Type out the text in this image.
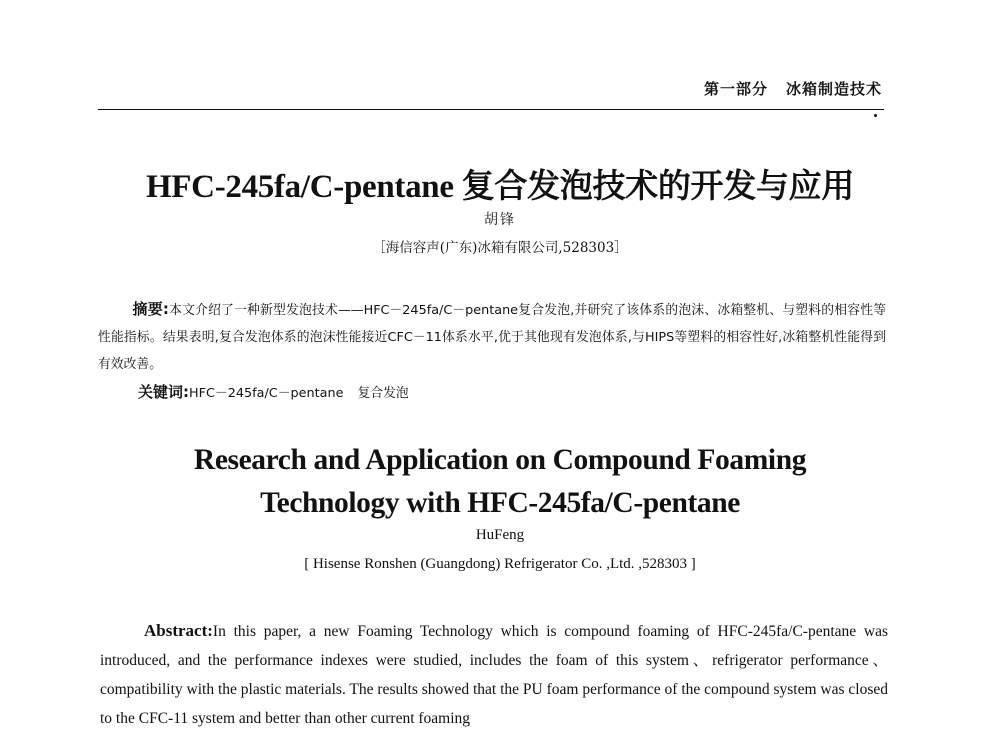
第一部分 冰箱制造技术
HFC-245fa/C-pentane 复合发泡技术的开发与应用
胡锋
［海信容声(广东)冰箱有限公司,528303］
摘要:本文介绍了一种新型发泡技术——HFC－245fa/C－pentane复合发泡,并研究了该体系的泡沫、冰箱整机、与塑料的相容性等性能指标。结果表明,复合发泡体系的泡沫性能接近CFC－11体系水平,优于其他现有发泡体系,与HIPS等塑料的相容性好,冰箱整机性能得到有效改善。
关键词:HFC－245fa/C－pentane 复合发泡
Research and Application on Compound Foaming
Technology with HFC-245fa/C-pentane
HuFeng
[ Hisense Ronshen (Guangdong) Refrigerator Co. ,Ltd. ,528303 ]
Abstract:In this paper, a new Foaming Technology which is compound foaming of HFC-245fa/C-pentane was introduced, and the performance indexes were studied, includes the foam of this system、refrigerator performance、compatibility with the plastic materials. The results showed that the PU foam performance of the compound system was closed to the CFC-11 system and better than other current foaming
